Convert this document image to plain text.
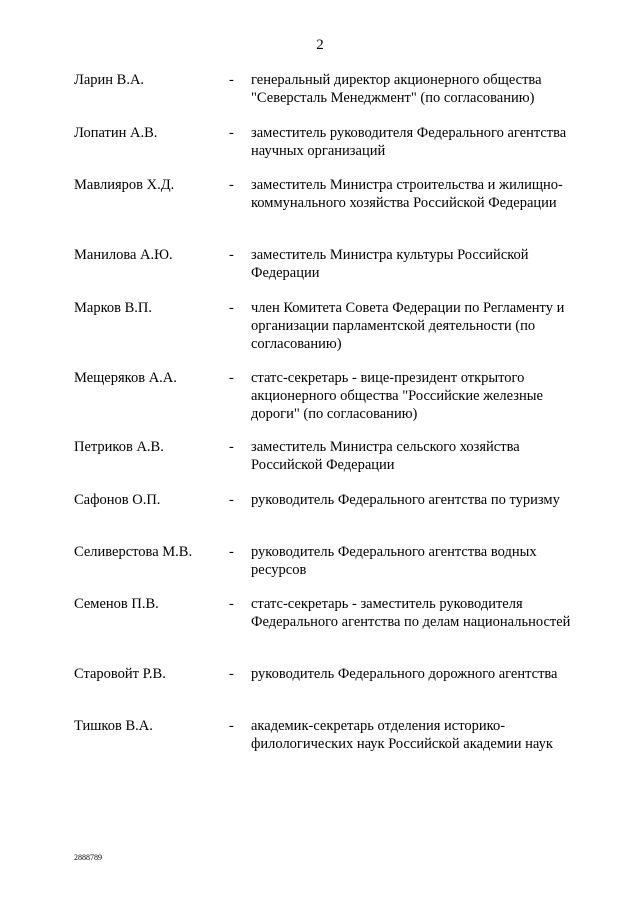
2
Ларин В.А.	- генеральный директор акционерного общества "Северсталь Менеджмент" (по согласованию)
Лопатин А.В.	- заместитель руководителя Федерального агентства научных организаций
Мавлияров Х.Д.	- заместитель Министра строительства и жилищно-коммунального хозяйства Российской Федерации
Манилова А.Ю.	- заместитель Министра культуры Российской Федерации
Марков В.П.	- член Комитета Совета Федерации по Регламенту и организации парламентской деятельности (по согласованию)
Мещеряков А.А.	- статс-секретарь - вице-президент открытого акционерного общества "Российские железные дороги" (по согласованию)
Петриков А.В.	- заместитель Министра сельского хозяйства Российской Федерации
Сафонов О.П.	- руководитель Федерального агентства по туризму
Селиверстова М.В.	- руководитель Федерального агентства водных ресурсов
Семенов П.В.	- статс-секретарь - заместитель руководителя Федерального агентства по делам национальностей
Старовойт Р.В.	- руководитель Федерального дорожного агентства
Тишков В.А.	- академик-секретарь отделения историко-филологических наук Российской академии наук
2888789
